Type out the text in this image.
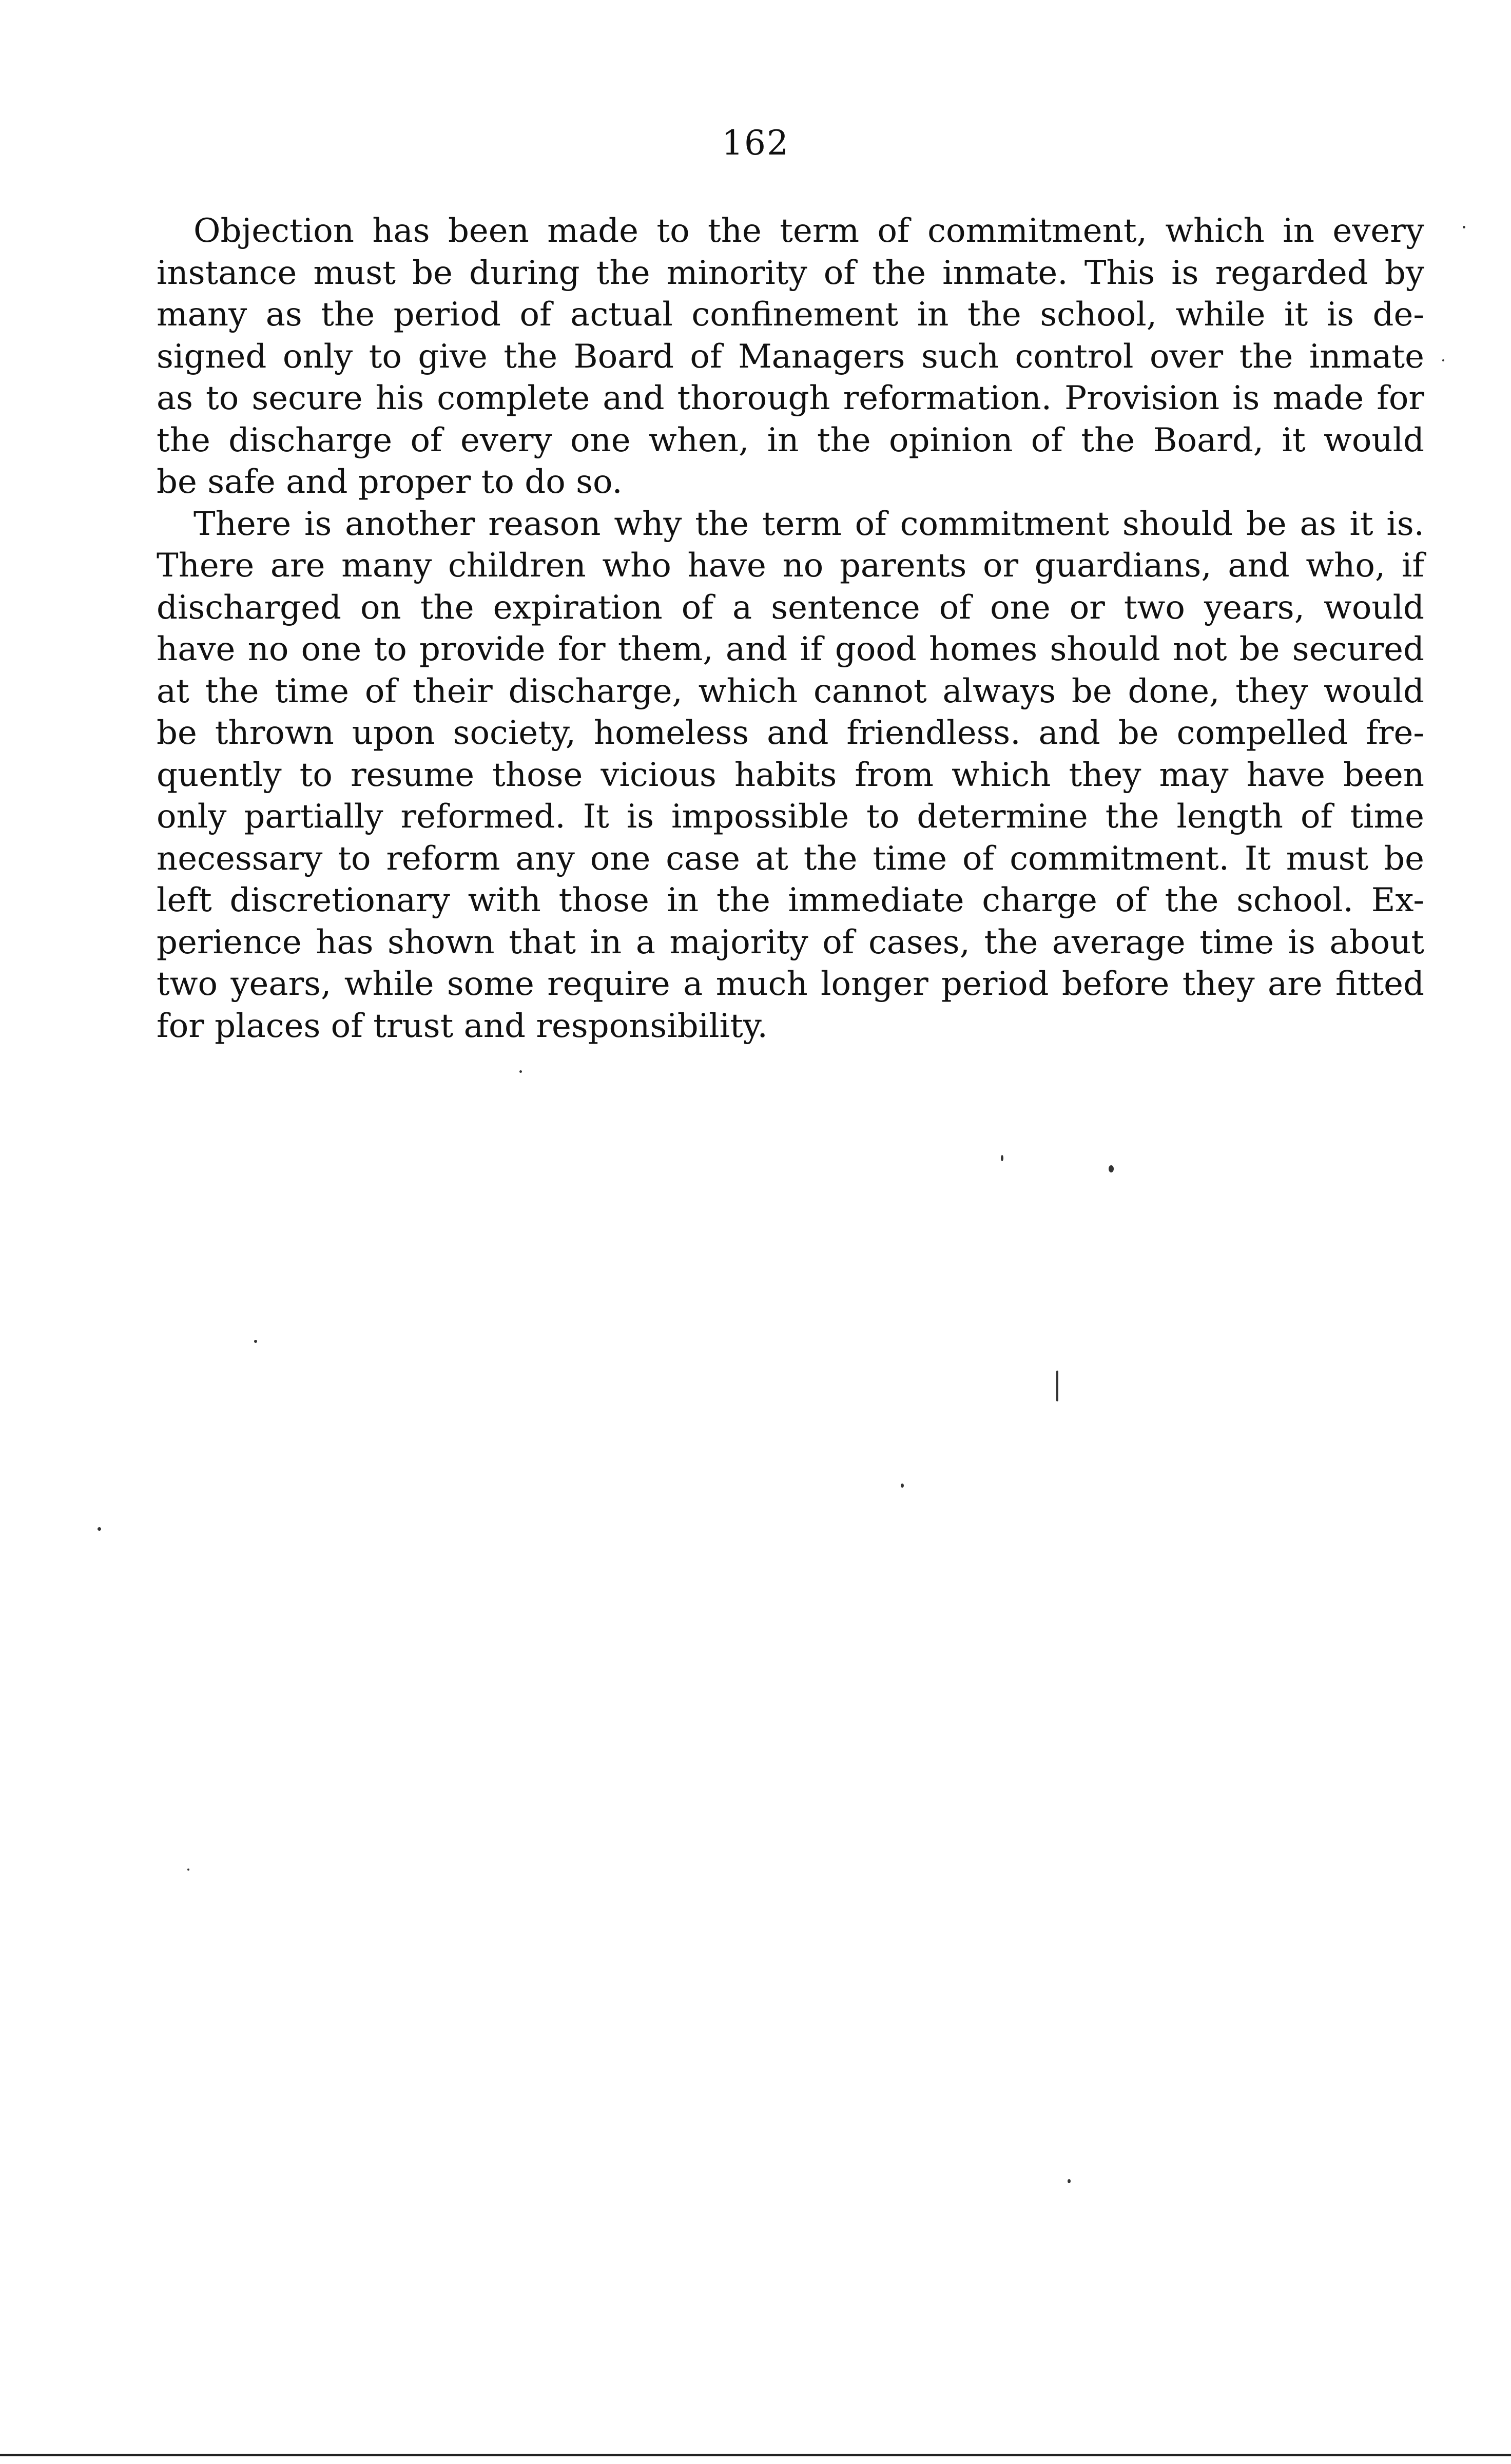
162
Objection has been made to the term of commitment, which in every
instance must be during the minority of the inmate. This is regarded by
many as the period of actual confinement in the school, while it is de-
signed only to give the Board of Managers such control over the inmate
as to secure his complete and thorough reformation. Provision is made for
the discharge of every one when, in the opinion of the Board, it would
be safe and proper to do so.
There is another reason why the term of commitment should be as it is.
There are many children who have no parents or guardians, and who, if
discharged on the expiration of a sentence of one or two years, would
have no one to provide for them, and if good homes should not be secured
at the time of their discharge, which cannot always be done, they would
be thrown upon society, homeless and friendless. and be compelled fre-
quently to resume those vicious habits from which they may have been
only partially reformed. It is impossible to determine the length of time
necessary to reform any one case at the time of commitment. It must be
left discretionary with those in the immediate charge of the school. Ex-
perience has shown that in a majority of cases, the average time is about
two years, while some require a much longer period before they are fitted
for places of trust and responsibility.
